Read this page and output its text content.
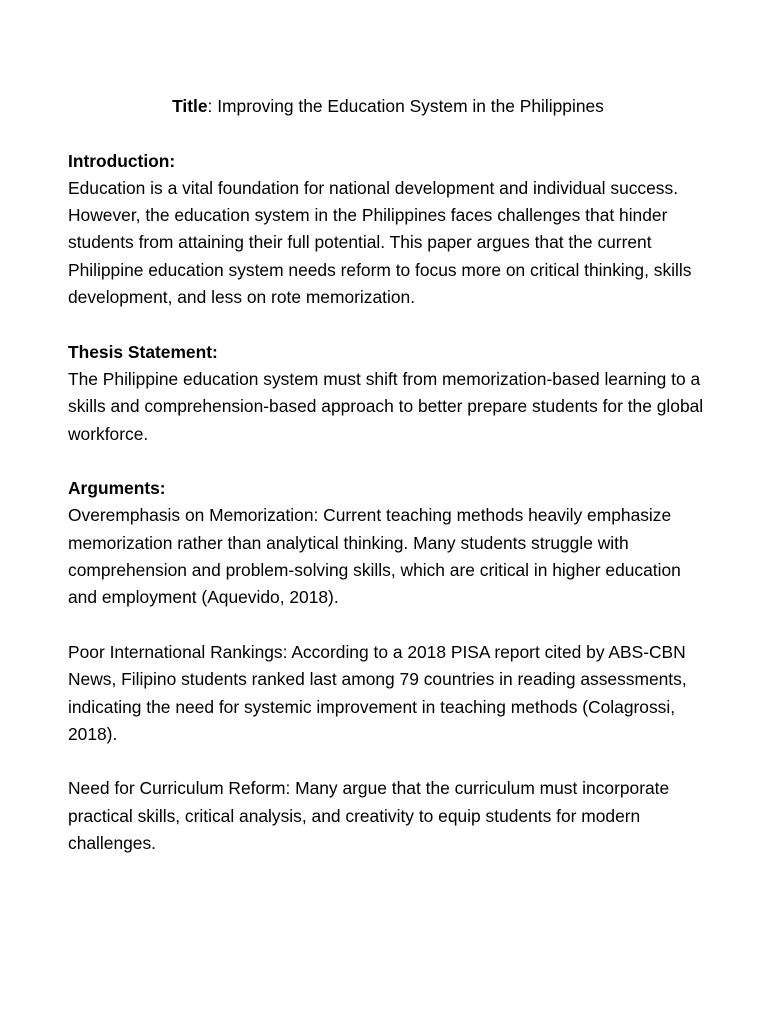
Title: Improving the Education System in the Philippines

Introduction:

Education is a vital foundation for national development and individual success. However, the education system in the Philippines faces challenges that hinder students from attaining their full potential. This paper argues that the current Philippine education system needs reform to focus more on critical thinking, skills development, and less on rote memorization.

Thesis Statement:

The Philippine education system must shift from memorization-based learning to a skills and comprehension-based approach to better prepare students for the global workforce.

Arguments:

Overemphasis on Memorization: Current teaching methods heavily emphasize memorization rather than analytical thinking. Many students struggle with comprehension and problem-solving skills, which are critical in higher education and employment (Aquevido, 2018).

Poor International Rankings: According to a 2018 PISA report cited by ABS-CBN News, Filipino students ranked last among 79 countries in reading assessments, indicating the need for systemic improvement in teaching methods (Colagrossi, 2018).

Need for Curriculum Reform: Many argue that the curriculum must incorporate practical skills, critical analysis, and creativity to equip students for modern challenges.
